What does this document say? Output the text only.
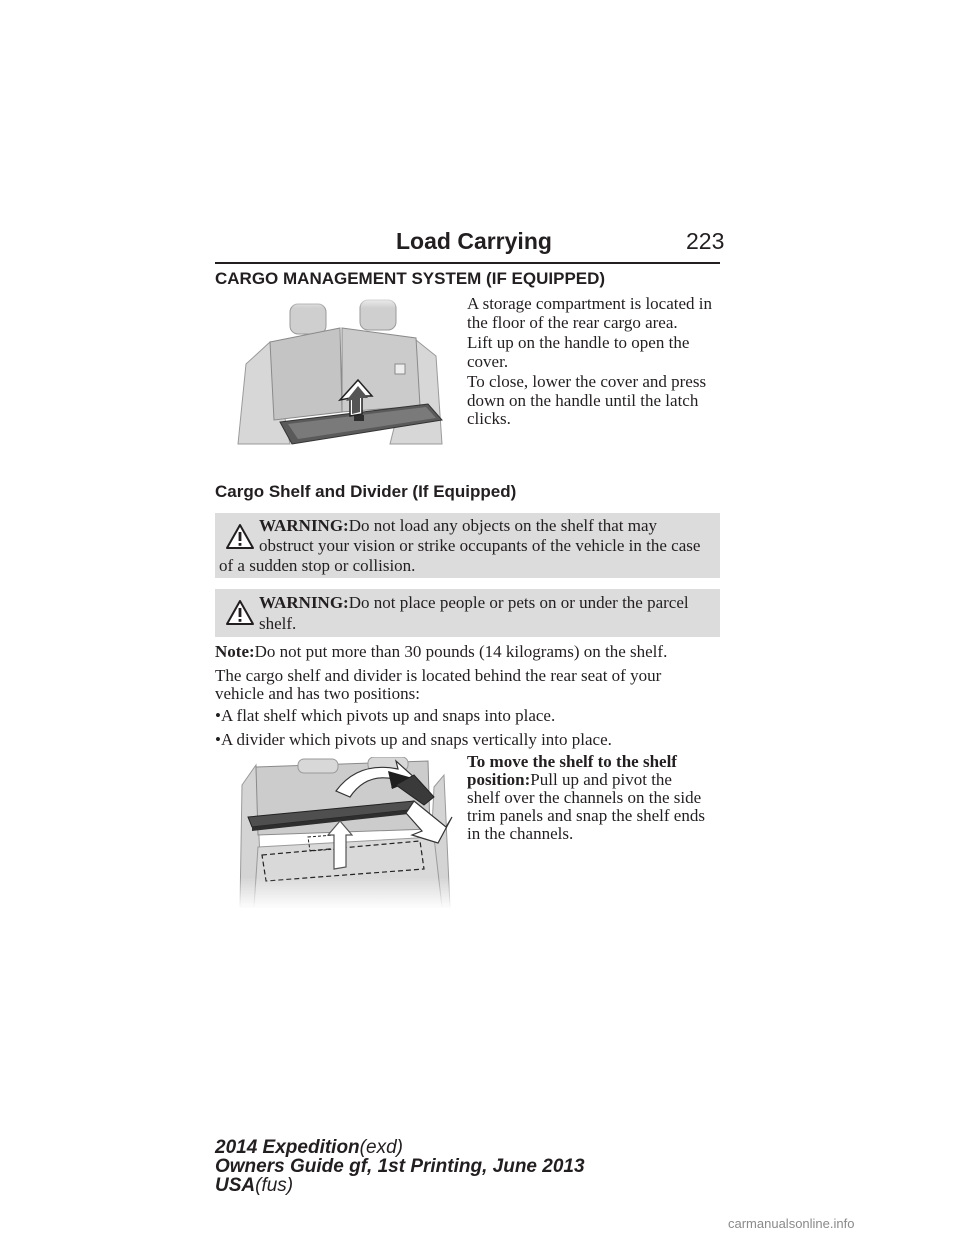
Load Carrying	223
CARGO MANAGEMENT SYSTEM (IF EQUIPPED)
A storage compartment is located in the floor of the rear cargo area.
Lift up on the handle to open the cover.
To close, lower the cover and press down on the handle until the latch clicks.
Cargo Shelf and Divider (If Equipped)
WARNING:Do not load any objects on the shelf that may
obstruct your vision or strike occupants of the vehicle in the case
of a sudden stop or collision.
WARNING:Do not place people or pets on or under the parcel
shelf.
Note:Do not put more than 30 pounds (14 kilograms) on the shelf.
The cargo shelf and divider is located behind the rear seat of your
vehicle and has two positions:
•A flat shelf which pivots up and snaps into place.
•A divider which pivots up and snaps vertically into place.
To move the shelf to the shelf
position:Pull up and pivot the
shelf over the channels on the side
trim panels and snap the shelf ends
in the channels.
2014 Expedition(exd)
Owners Guide gf, 1st Printing, June 2013
USA(fus)
carmanualsonline.info
